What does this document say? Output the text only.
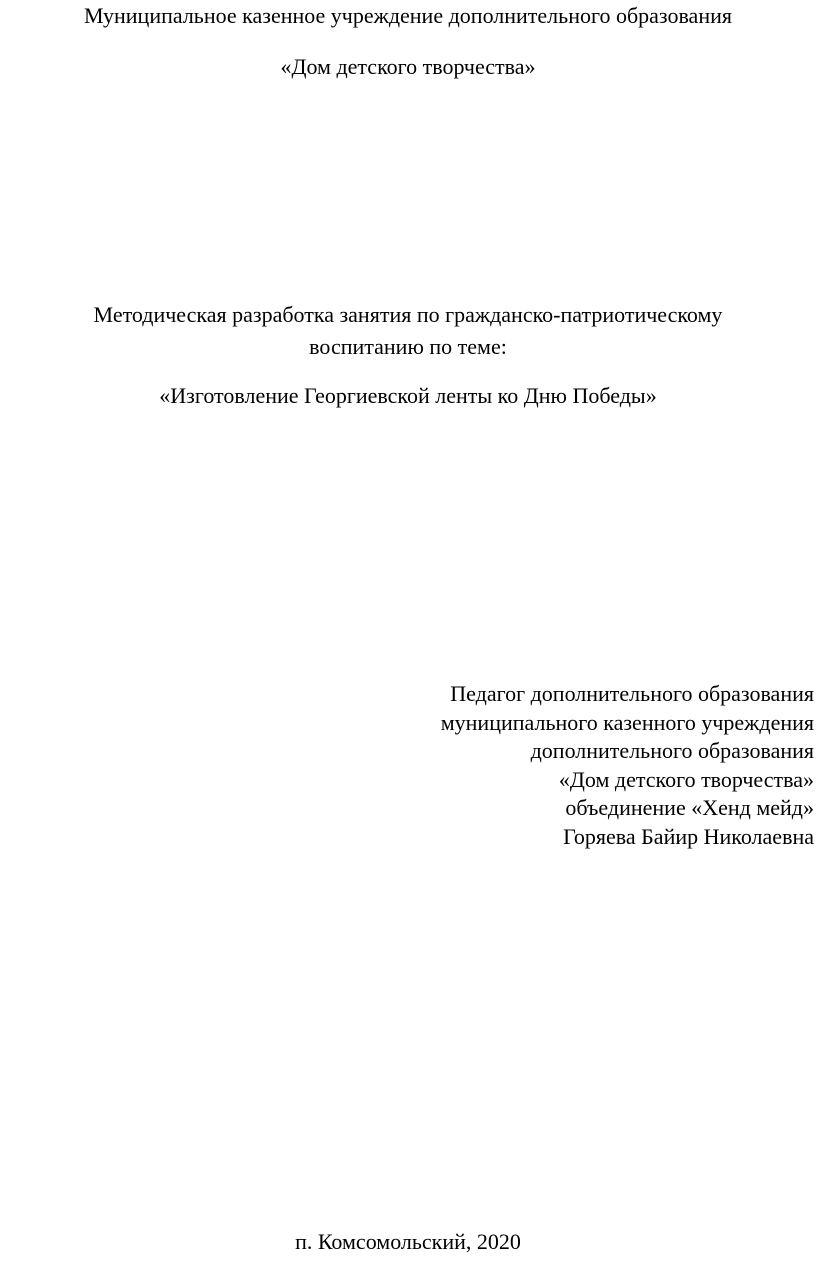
Муниципальное казенное учреждение дополнительного образования
«Дом детского творчества»
Методическая разработка занятия по гражданско-патриотическому
воспитанию по теме:
«Изготовление Георгиевской ленты ко Дню Победы»
Педагог дополнительного образования
муниципального казенного учреждения
дополнительного образования
«Дом детского творчества»
объединение «Хенд мейд»
Горяева Байир Николаевна
п. Комсомольский, 2020
